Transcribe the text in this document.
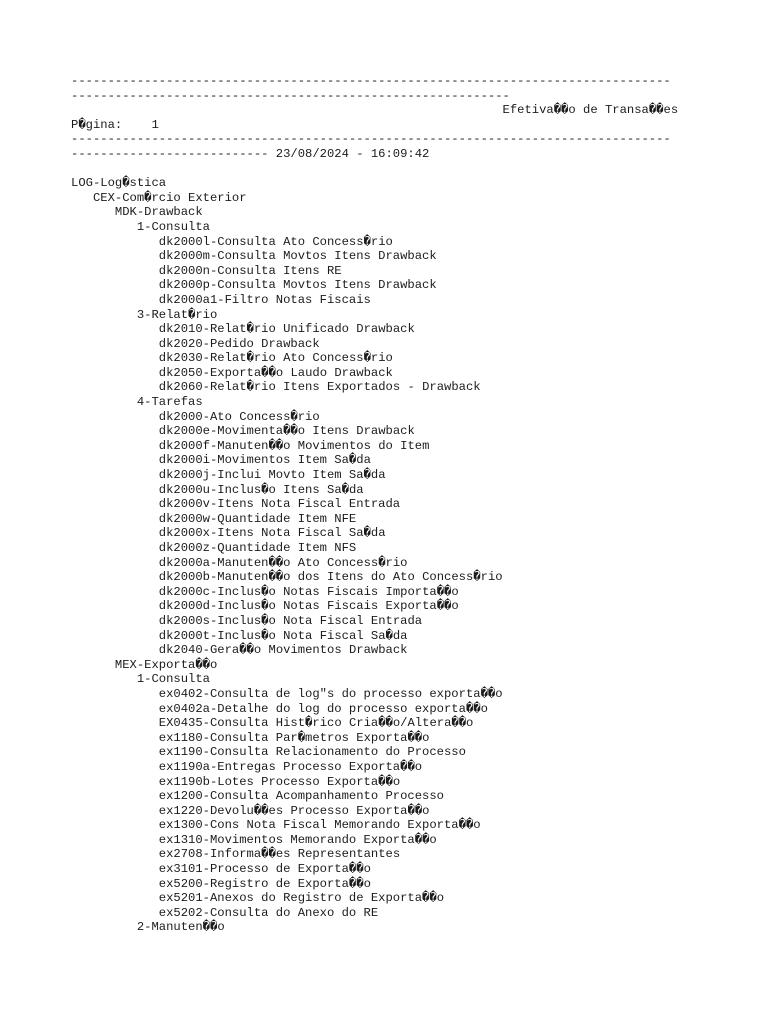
----------------------------------------------------------------------------------
------------------------------------------------------------
Efetiva��o de Transa��es
P�gina:    1
----------------------------------------------------------------------------------
--------------------------- 23/08/2024 - 16:09:42
LOG-Log�stica
CEX-Com�rcio Exterior
MDK-Drawback
1-Consulta
dk2000l-Consulta Ato Concess�rio
dk2000m-Consulta Movtos Itens Drawback
dk2000n-Consulta Itens RE
dk2000p-Consulta Movtos Itens Drawback
dk2000a1-Filtro Notas Fiscais
3-Relat�rio
dk2010-Relat�rio Unificado Drawback
dk2020-Pedido Drawback
dk2030-Relat�rio Ato Concess�rio
dk2050-Exporta��o Laudo Drawback
dk2060-Relat�rio Itens Exportados - Drawback
4-Tarefas
dk2000-Ato Concess�rio
dk2000e-Movimenta��o Itens Drawback
dk2000f-Manuten��o Movimentos do Item
dk2000i-Movimentos Item Sa�da
dk2000j-Inclui Movto Item Sa�da
dk2000u-Inclus�o Itens Sa�da
dk2000v-Itens Nota Fiscal Entrada
dk2000w-Quantidade Item NFE
dk2000x-Itens Nota Fiscal Sa�da
dk2000z-Quantidade Item NFS
dk2000a-Manuten��o Ato Concess�rio
dk2000b-Manuten��o dos Itens do Ato Concess�rio
dk2000c-Inclus�o Notas Fiscais Importa��o
dk2000d-Inclus�o Notas Fiscais Exporta��o
dk2000s-Inclus�o Nota Fiscal Entrada
dk2000t-Inclus�o Nota Fiscal Sa�da
dk2040-Gera��o Movimentos Drawback
MEX-Exporta��o
1-Consulta
ex0402-Consulta de log"s do processo exporta��o
ex0402a-Detalhe do log do processo exporta��o
EX0435-Consulta Hist�rico Cria��o/Altera��o
ex1180-Consulta Par�metros Exporta��o
ex1190-Consulta Relacionamento do Processo
ex1190a-Entregas Processo Exporta��o
ex1190b-Lotes Processo Exporta��o
ex1200-Consulta Acompanhamento Processo
ex1220-Devolu��es Processo Exporta��o
ex1300-Cons Nota Fiscal Memorando Exporta��o
ex1310-Movimentos Memorando Exporta��o
ex2708-Informa��es Representantes
ex3101-Processo de Exporta��o
ex5200-Registro de Exporta��o
ex5201-Anexos do Registro de Exporta��o
ex5202-Consulta do Anexo do RE
2-Manuten��o
